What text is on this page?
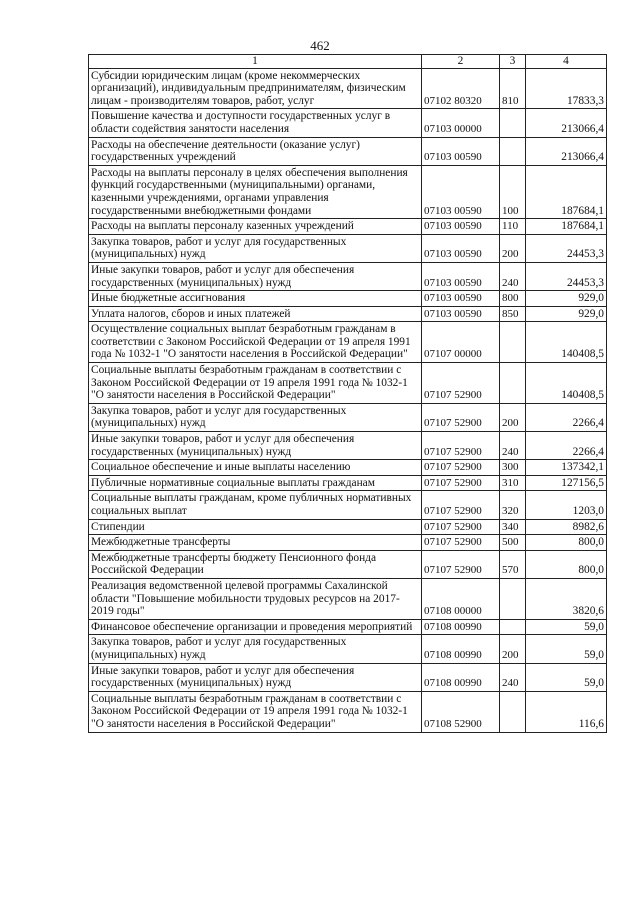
462
1	2	3	4
Субсидии юридическим лицам (кроме некоммерческих организаций), индивидуальным предпринимателям, физическим лицам - производителям товаров, работ, услуг	07102 80320	810	17833,3
Повышение качества и доступности государственных услуг в области содействия занятости населения	07103 00000		213066,4
Расходы на обеспечение деятельности (оказание услуг) государственных учреждений	07103 00590		213066,4
Расходы на выплаты персоналу в целях обеспечения выполнения функций государственными (муниципальными) органами, казенными учреждениями, органами управления государственными внебюджетными фондами	07103 00590	100	187684,1
Расходы на выплаты персоналу казенных учреждений	07103 00590	110	187684,1
Закупка товаров, работ и услуг для государственных (муниципальных) нужд	07103 00590	200	24453,3
Иные закупки товаров, работ и услуг для обеспечения государственных (муниципальных) нужд	07103 00590	240	24453,3
Иные бюджетные ассигнования	07103 00590	800	929,0
Уплата налогов, сборов и иных платежей	07103 00590	850	929,0
Осуществление социальных выплат безработным гражданам в соответствии с Законом Российской Федерации от 19 апреля 1991 года № 1032-1 "О занятости населения в Российской Федерации"	07107 00000		140408,5
Социальные выплаты безработным гражданам в соответствии с Законом Российской Федерации от 19 апреля 1991 года № 1032-1 "О занятости населения в Российской Федерации"	07107 52900		140408,5
Закупка товаров, работ и услуг для государственных (муниципальных) нужд	07107 52900	200	2266,4
Иные закупки товаров, работ и услуг для обеспечения государственных (муниципальных) нужд	07107 52900	240	2266,4
Социальное обеспечение и иные выплаты населению	07107 52900	300	137342,1
Публичные нормативные социальные выплаты гражданам	07107 52900	310	127156,5
Социальные выплаты гражданам, кроме публичных нормативных социальных выплат	07107 52900	320	1203,0
Стипендии	07107 52900	340	8982,6
Межбюджетные трансферты	07107 52900	500	800,0
Межбюджетные трансферты бюджету Пенсионного фонда Российской Федерации	07107 52900	570	800,0
Реализация ведомственной целевой программы Сахалинской области "Повышение мобильности трудовых ресурсов на 2017-2019 годы"	07108 00000		3820,6
Финансовое обеспечение организации и проведения мероприятий	07108 00990		59,0
Закупка товаров, работ и услуг для государственных (муниципальных) нужд	07108 00990	200	59,0
Иные закупки товаров, работ и услуг для обеспечения государственных (муниципальных) нужд	07108 00990	240	59,0
Социальные выплаты безработным гражданам в соответствии с Законом Российской Федерации от 19 апреля 1991 года № 1032-1 "О занятости населения в Российской Федерации"	07108 52900		116,6
